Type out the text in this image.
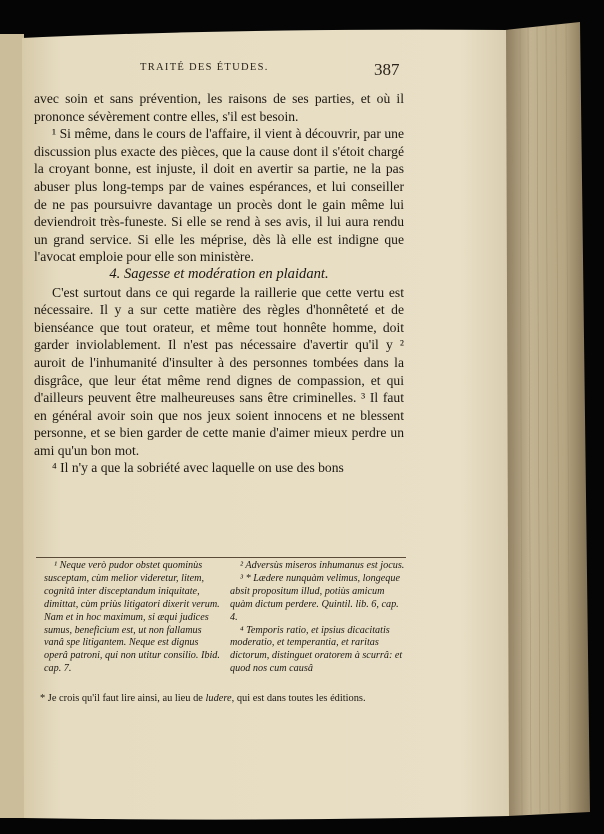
TRAITÉ DES ÉTUDES.	387

avec soin et sans prévention, les raisons de ses parties, et où il prononce sévèrement contre elles, s'il est besoin.

¹ Si même, dans le cours de l'affaire, il vient à découvrir, par une discussion plus exacte des pièces, que la cause dont il s'étoit chargé la croyant bonne, est injuste, il doit en avertir sa partie, ne la pas abuser plus long-temps par de vaines espérances, et lui conseiller de ne pas poursuivre davantage un procès dont le gain même lui deviendroit très-funeste. Si elle se rend à ses avis, il lui aura rendu un grand service. Si elle les méprise, dès là elle est indigne que l'avocat emploie pour elle son ministère.

4. Sagesse et modération en plaidant.

C'est surtout dans ce qui regarde la raillerie que cette vertu est nécessaire. Il y a sur cette matière des règles d'honnêteté et de bienséance que tout orateur, et même tout honnête homme, doit garder inviolablement. Il n'est pas nécessaire d'avertir qu'il y ² auroit de l'inhumanité d'insulter à des personnes tombées dans la disgrâce, que leur état même rend dignes de compassion, et qui d'ailleurs peuvent être malheureuses sans être criminelles. ³ Il faut en général avoir soin que nos jeux soient innocens et ne blessent personne, et se bien garder de cette manie d'aimer mieux perdre un ami qu'un bon mot.

⁴ Il n'y a que la sobriété avec laquelle on use des bons

¹ Neque verò pudor obstet quominùs susceptam, cùm melior videretur, litem, cognitâ inter disceptandum iniquitate, dimittat, cùm priùs litigatori dixerit verum. Nam et in hoc maximum, si æqui judices sumus, beneficium est, ut non fallamus vanâ spe litigantem. Neque est dignus operâ patroni, qui non utitur consilio. Ibid. cap. 7.

² Adversùs miseros inhumanus est jocus.

³ * Lædere nunquàm velimus, longeque absit propositum illud, potiùs amicum quàm dictum perdere. Quintil. lib. 6, cap. 4.

⁴ Temporis ratio, et ipsius dicacitatis moderatio, et temperantia, et raritas dictorum, distinguet oratorem à scurrâ: et quod nos cum causâ

* Je crois qu'il faut lire ainsi, au lieu de ludere, qui est dans toutes les éditions.
